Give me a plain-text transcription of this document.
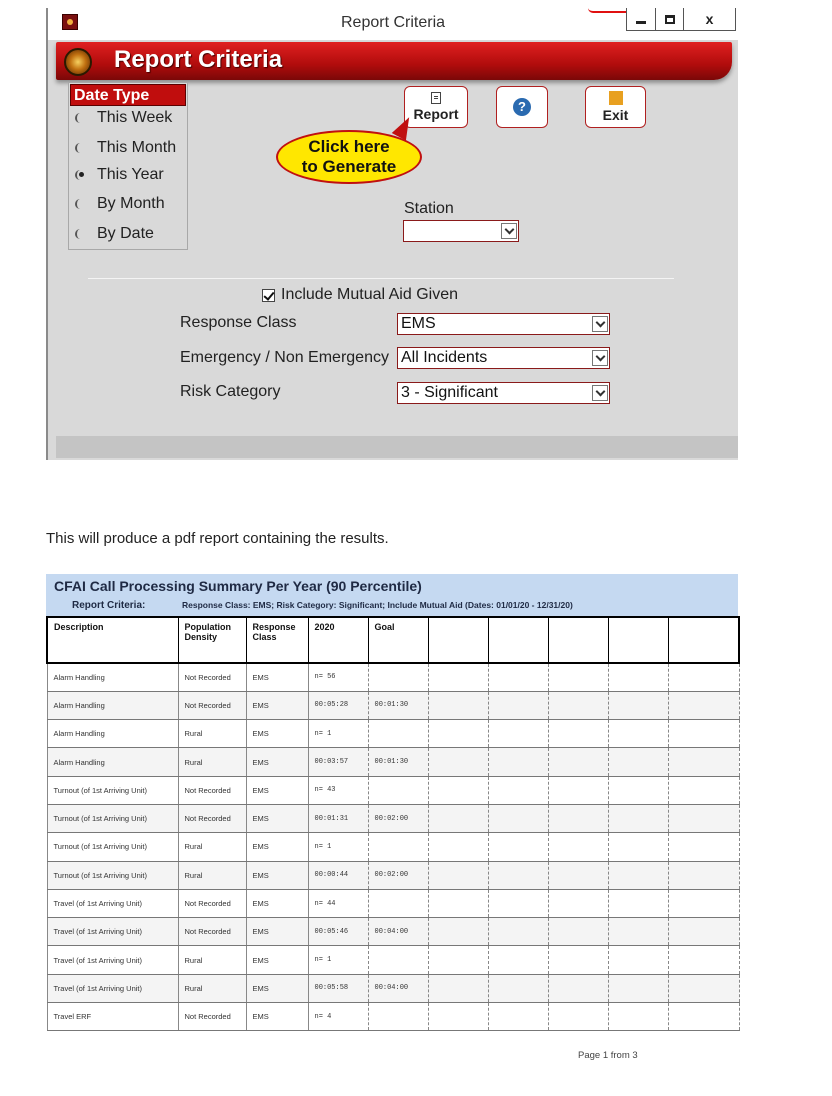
Report Criteria	x
Report Criteria
Date Type
This Week
This Month
This Year
By Month
By Date
Report	?
Exit
Click here
to Generate
Station
Include Mutual Aid Given
Response Class	EMS
Emergency / Non Emergency All Incidents
Risk Category	3 - Significant
This will produce a pdf report containing the results.
CFAI Call Processing Summary Per Year (90 Percentile)
Report Criteria:	Response Class: EMS; Risk Category: Significant; Include Mutual Aid (Dates: 01/01/20 - 12/31/20)
Description	Population Density	Response Class	2020	Goal					
Alarm Handling	Not Recorded	EMS	n= 56						
Alarm Handling	Not Recorded	EMS	00:05:28	00:01:30					
Alarm Handling	Rural	EMS	n= 1						
Alarm Handling	Rural	EMS	00:03:57	00:01:30					
Turnout (of 1st Arriving Unit)	Not Recorded	EMS	n= 43						
Turnout (of 1st Arriving Unit)	Not Recorded	EMS	00:01:31	00:02:00					
Turnout (of 1st Arriving Unit)	Rural	EMS	n= 1						
Turnout (of 1st Arriving Unit)	Rural	EMS	00:00:44	00:02:00					
Travel (of 1st Arriving Unit)	Not Recorded	EMS	n= 44						
Travel (of 1st Arriving Unit)	Not Recorded	EMS	00:05:46	00:04:00					
Travel (of 1st Arriving Unit)	Rural	EMS	n= 1						
Travel (of 1st Arriving Unit)	Rural	EMS	00:05:58	00:04:00					
Travel ERF	Not Recorded	EMS	n= 4						
Page 1 from 3
